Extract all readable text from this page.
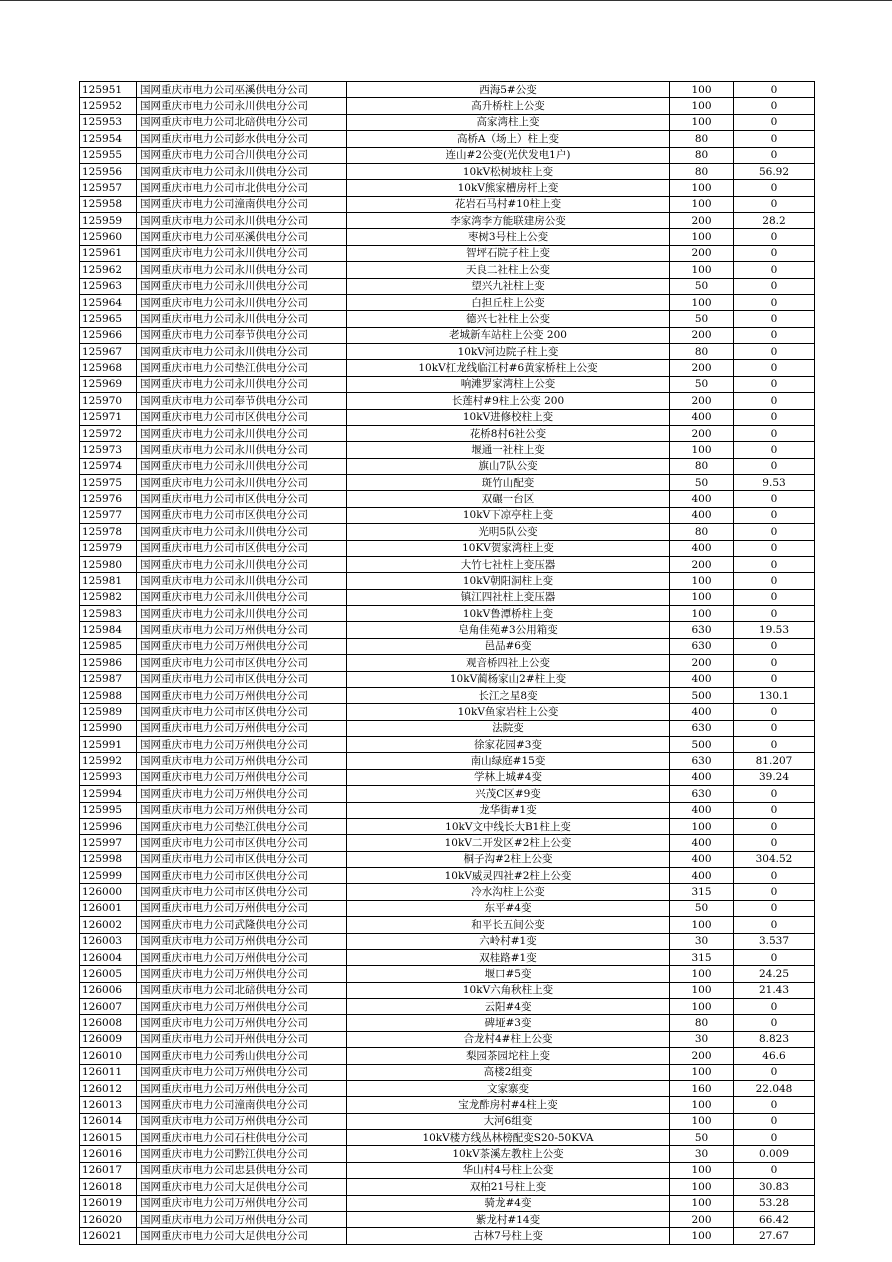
125951	国网重庆市电力公司巫溪供电分公司	西海5#公变	100	0
125952	国网重庆市电力公司永川供电分公司	高升桥柱上公变	100	0
125953	国网重庆市电力公司北碚供电分公司	高家湾柱上变	100	0
125954	国网重庆市电力公司彭水供电分公司	高桥A（场上）柱上变	80	0
125955	国网重庆市电力公司合川供电分公司	连山#2公变(光伏发电1户)	80	0
125956	国网重庆市电力公司永川供电分公司	10kV松树坡柱上变	80	56.92
125957	国网重庆市电力公司市北供电分公司	10kV熊家槽房杆上变	100	0
125958	国网重庆市电力公司潼南供电分公司	花岩石马村#10柱上变	100	0
125959	国网重庆市电力公司永川供电分公司	李家湾李方能联建房公变	200	28.2
125960	国网重庆市电力公司巫溪供电分公司	枣树3号柱上公变	100	0
125961	国网重庆市电力公司永川供电分公司	智坪石院子柱上变	200	0
125962	国网重庆市电力公司永川供电分公司	天良二社柱上公变	100	0
125963	国网重庆市电力公司永川供电分公司	望兴九社柱上变	50	0
125964	国网重庆市电力公司永川供电分公司	白担丘柱上公变	100	0
125965	国网重庆市电力公司永川供电分公司	德兴七社柱上公变	50	0
125966	国网重庆市电力公司奉节供电分公司	老城新车站柱上公变 200	200	0
125967	国网重庆市电力公司永川供电分公司	10kV河边院子柱上变	80	0
125968	国网重庆市电力公司垫江供电分公司	10kV杠龙线临江村#6黄家桥柱上公变	200	0
125969	国网重庆市电力公司永川供电分公司	响滩罗家湾柱上公变	50	0
125970	国网重庆市电力公司奉节供电分公司	长莲村#9柱上公变 200	200	0
125971	国网重庆市电力公司市区供电分公司	10kV进修校柱上变	400	0
125972	国网重庆市电力公司永川供电分公司	花桥8村6社公变	200	0
125973	国网重庆市电力公司永川供电分公司	堰通一社柱上变	100	0
125974	国网重庆市电力公司永川供电分公司	旗山7队公变	80	0
125975	国网重庆市电力公司永川供电分公司	斑竹山配变	50	9.53
125976	国网重庆市电力公司市区供电分公司	双碾一台区	400	0
125977	国网重庆市电力公司市区供电分公司	10kV下凉亭柱上变	400	0
125978	国网重庆市电力公司永川供电分公司	光明5队公变	80	0
125979	国网重庆市电力公司市区供电分公司	10KV贺家湾柱上变	400	0
125980	国网重庆市电力公司永川供电分公司	大竹七社柱上变压器	200	0
125981	国网重庆市电力公司永川供电分公司	10kV朝阳洞柱上变	100	0
125982	国网重庆市电力公司永川供电分公司	镇江四社柱上变压器	100	0
125983	国网重庆市电力公司永川供电分公司	10kV鲁潭桥柱上变	100	0
125984	国网重庆市电力公司万州供电分公司	皂角佳苑#3公用箱变	630	19.53
125985	国网重庆市电力公司万州供电分公司	邑品#6变	630	0
125986	国网重庆市电力公司市区供电分公司	观音桥四社上公变	200	0
125987	国网重庆市电力公司市区供电分公司	10kV蔺杨家山2#柱上变	400	0
125988	国网重庆市电力公司万州供电分公司	长江之星8变	500	130.1
125989	国网重庆市电力公司市区供电分公司	10kV鱼家岩柱上公变	400	0
125990	国网重庆市电力公司万州供电分公司	法院变	630	0
125991	国网重庆市电力公司万州供电分公司	徐家花园#3变	500	0
125992	国网重庆市电力公司万州供电分公司	南山绿庭#15变	630	81.207
125993	国网重庆市电力公司万州供电分公司	学林上城#4变	400	39.24
125994	国网重庆市电力公司万州供电分公司	兴茂C区#9变	630	0
125995	国网重庆市电力公司万州供电分公司	龙华街#1变	400	0
125996	国网重庆市电力公司垫江供电分公司	10kV文中线长大B1柱上变	100	0
125997	国网重庆市电力公司市区供电分公司	10kV二开发区#2柱上公变	400	0
125998	国网重庆市电力公司市区供电分公司	桐子沟#2柱上公变	400	304.52
125999	国网重庆市电力公司市区供电分公司	10kV威灵四社#2柱上公变	400	0
126000	国网重庆市电力公司市区供电分公司	冷水沟柱上公变	315	0
126001	国网重庆市电力公司万州供电分公司	东平#4变	50	0
126002	国网重庆市电力公司武隆供电分公司	和平长五间公变	100	0
126003	国网重庆市电力公司万州供电分公司	六岭村#1变	30	3.537
126004	国网重庆市电力公司万州供电分公司	双桂路#1变	315	0
126005	国网重庆市电力公司万州供电分公司	堰口#5变	100	24.25
126006	国网重庆市电力公司北碚供电分公司	10kV六角秋柱上变	100	21.43
126007	国网重庆市电力公司万州供电分公司	云阳#4变	100	0
126008	国网重庆市电力公司万州供电分公司	碑垭#3变	80	0
126009	国网重庆市电力公司开州供电分公司	合龙村4#柱上公变	30	8.823
126010	国网重庆市电力公司秀山供电分公司	梨园茶园坨柱上变	200	46.6
126011	国网重庆市电力公司万州供电分公司	高楼2组变	100	0
126012	国网重庆市电力公司万州供电分公司	文家寨变	160	22.048
126013	国网重庆市电力公司潼南供电分公司	宝龙酢房村#4柱上变	100	0
126014	国网重庆市电力公司万州供电分公司	大河6组变	100	0
126015	国网重庆市电力公司石柱供电分公司	10kV楼方线丛林榜配变S20-50KVA	50	0
126016	国网重庆市电力公司黔江供电分公司	10kV茶溪左教柱上公变	30	0.009
126017	国网重庆市电力公司忠县供电分公司	华山村4号柱上公变	100	0
126018	国网重庆市电力公司大足供电分公司	双柏21号柱上变	100	30.83
126019	国网重庆市电力公司万州供电分公司	骑龙#4变	100	53.28
126020	国网重庆市电力公司万州供电分公司	紫龙村#14变	200	66.42
126021	国网重庆市电力公司大足供电分公司	古林7号柱上变	100	27.67
